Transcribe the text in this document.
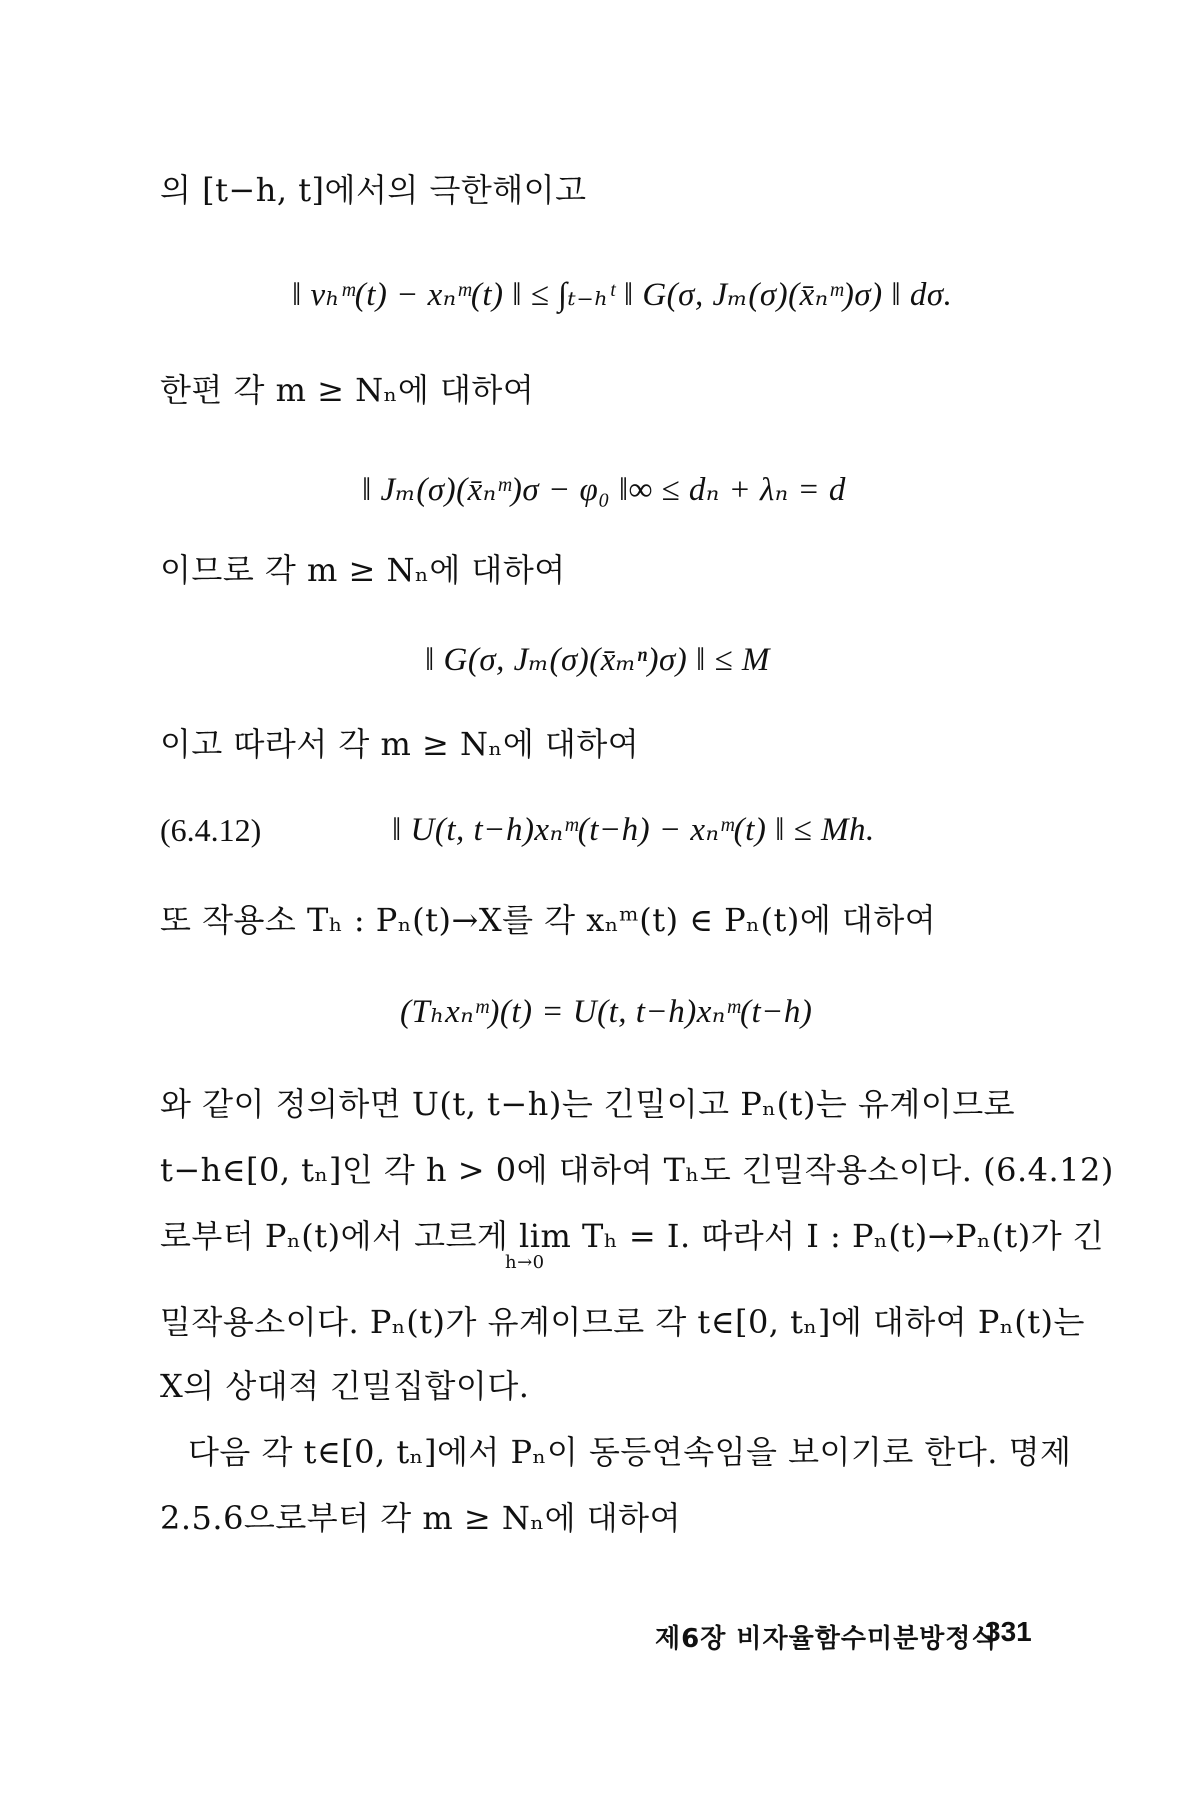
의 [t−h, t]에서의 극한해이고
‖ vₕᵐ(t) − xₙᵐ(t) ‖ ≤ ∫ₜ₋ₕᵗ ‖ G(σ, Jₘ(σ)(x̄ₙᵐ)σ) ‖ dσ.
한편 각 m ≥ Nₙ에 대하여
‖ Jₘ(σ)(x̄ₙᵐ)σ − φ₀ ‖∞ ≤ dₙ + λₙ = d
이므로 각 m ≥ Nₙ에 대하여
‖ G(σ, Jₘ(σ)(x̄ₘⁿ)σ) ‖ ≤ M
이고 따라서 각 m ≥ Nₙ에 대하여
(6.4.12)	‖ U(t, t−h)xₙᵐ(t−h) − xₙᵐ(t) ‖ ≤ Mh.
또 작용소 Tₕ : Pₙ(t)→X를 각 xₙᵐ(t) ∈ Pₙ(t)에 대하여
(Tₕxₙᵐ)(t) = U(t, t−h)xₙᵐ(t−h)
와 같이 정의하면 U(t, t−h)는 긴밀이고 Pₙ(t)는 유계이므로
t−h∈[0, tₙ]인 각 h > 0에 대하여 Tₕ도 긴밀작용소이다. (6.4.12)
로부터 Pₙ(t)에서 고르게 lim Tₕ = I. 따라서 I : Pₙ(t)→Pₙ(t)가 긴
h→0
밀작용소이다. Pₙ(t)가 유계이므로 각 t∈[0, tₙ]에 대하여 Pₙ(t)는
X의 상대적 긴밀집합이다.
다음 각 t∈[0, tₙ]에서 Pₙ이 동등연속임을 보이기로 한다. 명제
2.5.6으로부터 각 m ≥ Nₙ에 대하여
제6장 비자율함수미분방정식
331
